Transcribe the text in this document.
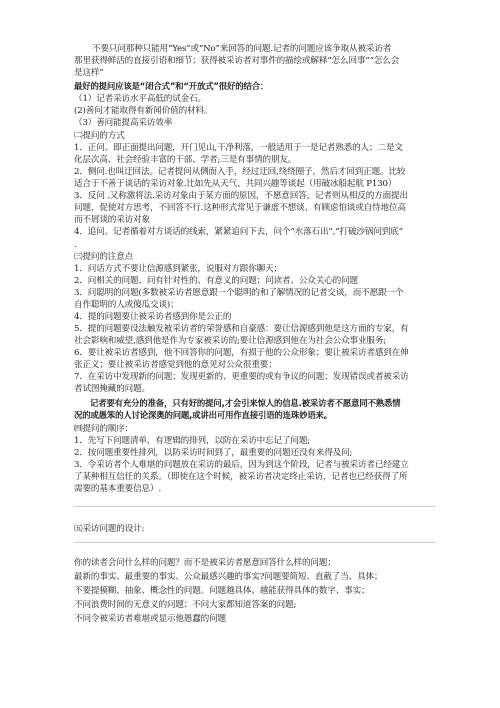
不要只问那种只能用“Yes”或“No”来回答的问题.记者的问题应该争取从被采访者
那里获得鲜活的直接引语和细节；获得被采访者对事件的描绘或解释“怎么回事”“怎么会
是这样”
最好的提问应该是“闭合式”和“开放式”很好的结合：
（1）记者采访水平高低的试金石。
(2)善问才能取得有新闻价值的材料。
（3）善问能提高采访效率
㈡提问的方式
1．正问。即正面提出问题，开门见山,干净利落，一般适用于一是记者熟悉的人；二是文
化层次高、社会经验丰富的干部、学者;三是有事情的朋友。
2．侧问.也叫迂回法。记者提问从侧面入手，经过迂回,绕绕圈子，然后才回到正题。比较
适合于不善于谈话的采访对象.比如先从天气、共同兴趣等谈起（用破冰船起航 P130）
3．反问 .又称激将法.采访对象由于某方面的原因，不愿意回答，记者则从相反的方面提出
问题，促使对方思考，不回答不行.这种形式常见于谦虚不想谈、有顾虑怕谈或自恃地位高
而不屑谈的采访对象
4．追问。记者循着对方谈话的线索，紧紧追问下去，问个“水落石出”,“打破沙锅问到底”
.
㈢提问的注意点
1．问话方式不要让信源感到紧张，说服对方跟你聊天；
2．问相关的问题、问有针对性的、有意义的问题；问读者、公众关心的问题
3．问聪明的问题(多数被采访者愿意跟一个聪明的和了解情况的记者交谈，而不愿跟一个
自作聪明的人或傻瓜交谈)；
4．提的问题要让被采访者感到你是公正的
5．提的问题要设法触发被采访者的荣誉感和自豪感：要让信源感到他是这方面的专家，有
社会影响和威望,感到他是作为专家被采访的;要让信源感到他在为社会公众事业服务;
6．要让被采访者感到，他不回答你的问题，有损于他的公众形象；要让被采访者感到在伸
张正义；要让被采访者感觉到他的意见对公众很重要；
7．在采访中发现新的问题；发现更新的、更重要的或有争议的问题；发现错误或者被采访
者试图掩藏的问题。
记者要有充分的准备，只有好的提问,才会引来惊人的信息.被采访者不愿意同不熟悉情
况的或愚笨的人讨论深奥的问题,或讲出可用作直接引语的连珠妙语来。
㈣提问的顺序：
1．先写下问题清单，有逻辑的排列，以防在采访中忘记了问题;
2．按问题重要性排列，以防采访时间到了，最重要的问题还没有来得及问;
3．令采访者个人难堪的问题放在采访的最后，因为到这个阶段，记者与被采访者已经建立
了某种相互信任的关系。（即使在这个时候，被采访者决定终止采访，记者也已经获得了所
需要的基本重要信息）.
㈤采访问题的设计:
你的读者会问什么样的问题？而不是被采访者愿意回答什么样的问题；
最新的事实、最重要的事实、公众最感兴趣的事实?问题要简短、直截了当、具体；
不要提模糊、抽象、概念性的问题。问题越具体、越能获得具体的数字、事实；
不问浪费时间的无意义的问题；不问大家都知道答案的问题;
不问令被采访者难堪或显示他愚蠢的问题
